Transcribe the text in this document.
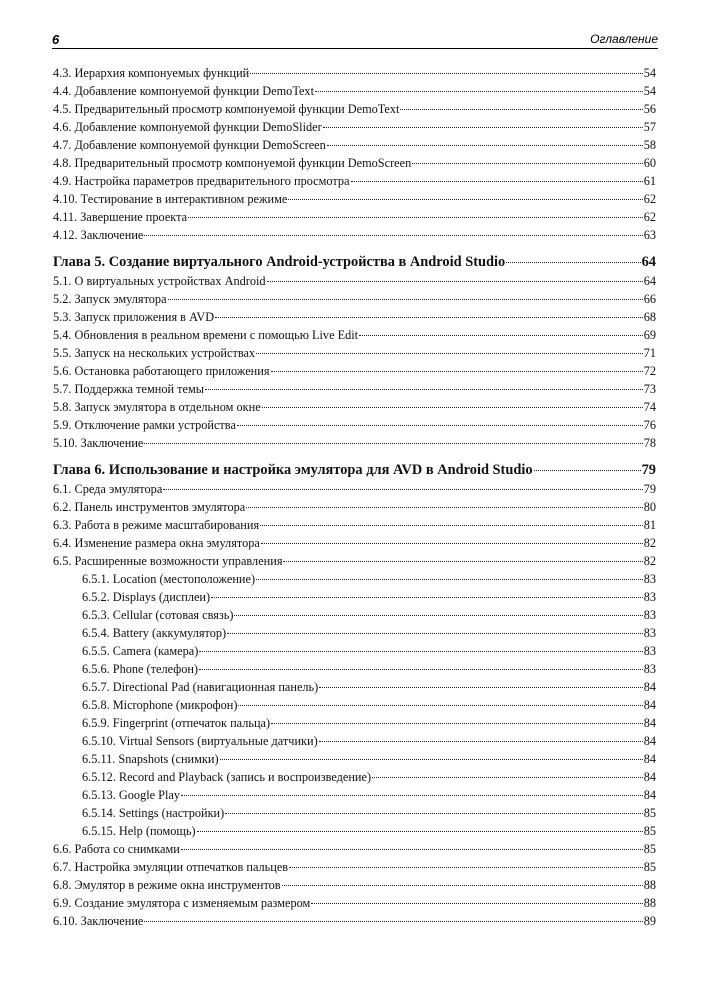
6	Оглавление
4.3. Иерархия компонуемых функций	54
4.4. Добавление компонуемой функции DemoText	54
4.5. Предварительный просмотр компонуемой функции DemoText	56
4.6. Добавление компонуемой функции DemoSlider	57
4.7. Добавление компонуемой функции DemoScreen	58
4.8. Предварительный просмотр компонуемой функции DemoScreen	60
4.9. Настройка параметров предварительного просмотра	61
4.10. Тестирование в интерактивном режиме	62
4.11. Завершение проекта	62
4.12. Заключение	63
Глава 5. Создание виртуального Android-устройства в Android Studio	64
5.1. О виртуальных устройствах Android	64
5.2. Запуск эмулятора	66
5.3. Запуск приложения в AVD	68
5.4. Обновления в реальном времени с помощью Live Edit	69
5.5. Запуск на нескольких устройствах	71
5.6. Остановка работающего приложения	72
5.7. Поддержка темной темы	73
5.8. Запуск эмулятора в отдельном окне	74
5.9. Отключение рамки устройства	76
5.10. Заключение	78
Глава 6. Использование и настройка эмулятора для AVD в Android Studio	79
6.1. Среда эмулятора	79
6.2. Панель инструментов эмулятора	80
6.3. Работа в режиме масштабирования	81
6.4. Изменение размера окна эмулятора	82
6.5. Расширенные возможности управления	82
6.5.1. Location (местоположение)	83
6.5.2. Displays (дисплеи)	83
6.5.3. Cellular (сотовая связь)	83
6.5.4. Battery (аккумулятор)	83
6.5.5. Camera (камера)	83
6.5.6. Phone (телефон)	83
6.5.7. Directional Pad (навигационная панель)	84
6.5.8. Microphone (микрофон)	84
6.5.9. Fingerprint (отпечаток пальца)	84
6.5.10. Virtual Sensors (виртуальные датчики)	84
6.5.11. Snapshots (снимки)	84
6.5.12. Record and Playback (запись и воспроизведение)	84
6.5.13. Google Play	84
6.5.14. Settings (настройки)	85
6.5.15. Help (помощь)	85
6.6. Работа со снимками	85
6.7. Настройка эмуляции отпечатков пальцев	85
6.8. Эмулятор в режиме окна инструментов	88
6.9. Создание эмулятора с изменяемым размером	88
6.10. Заключение	89
